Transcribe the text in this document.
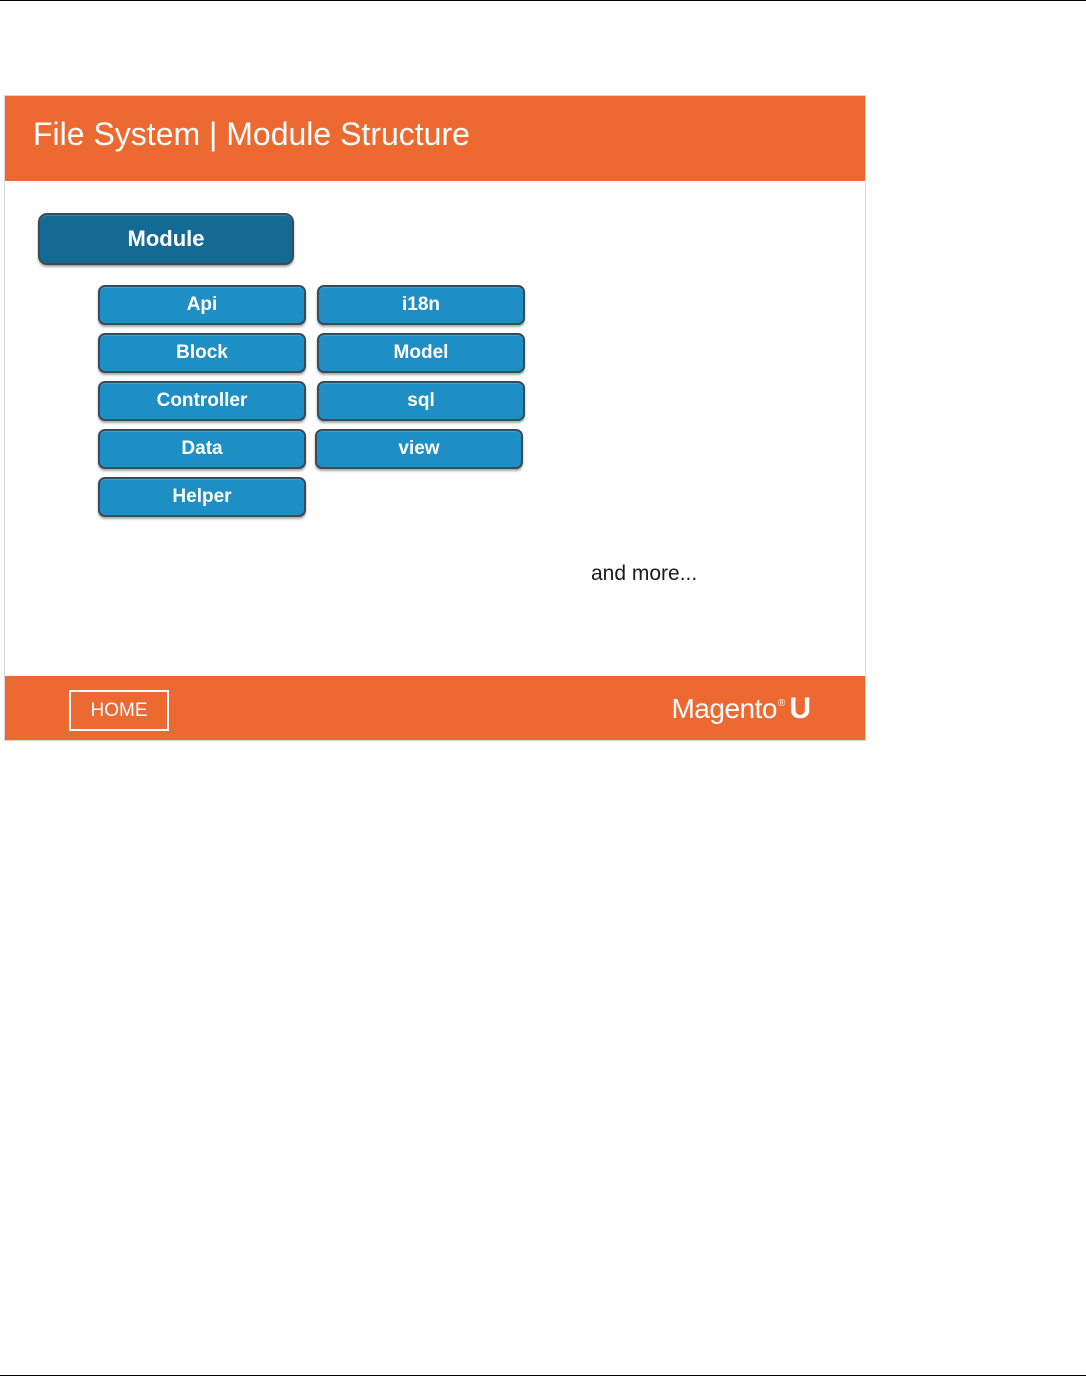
File System | Module Structure
Module
Api
Block
Controller
Data
Helper
i18n
Model
sql
view
and more...
HOME	Magento ® U
